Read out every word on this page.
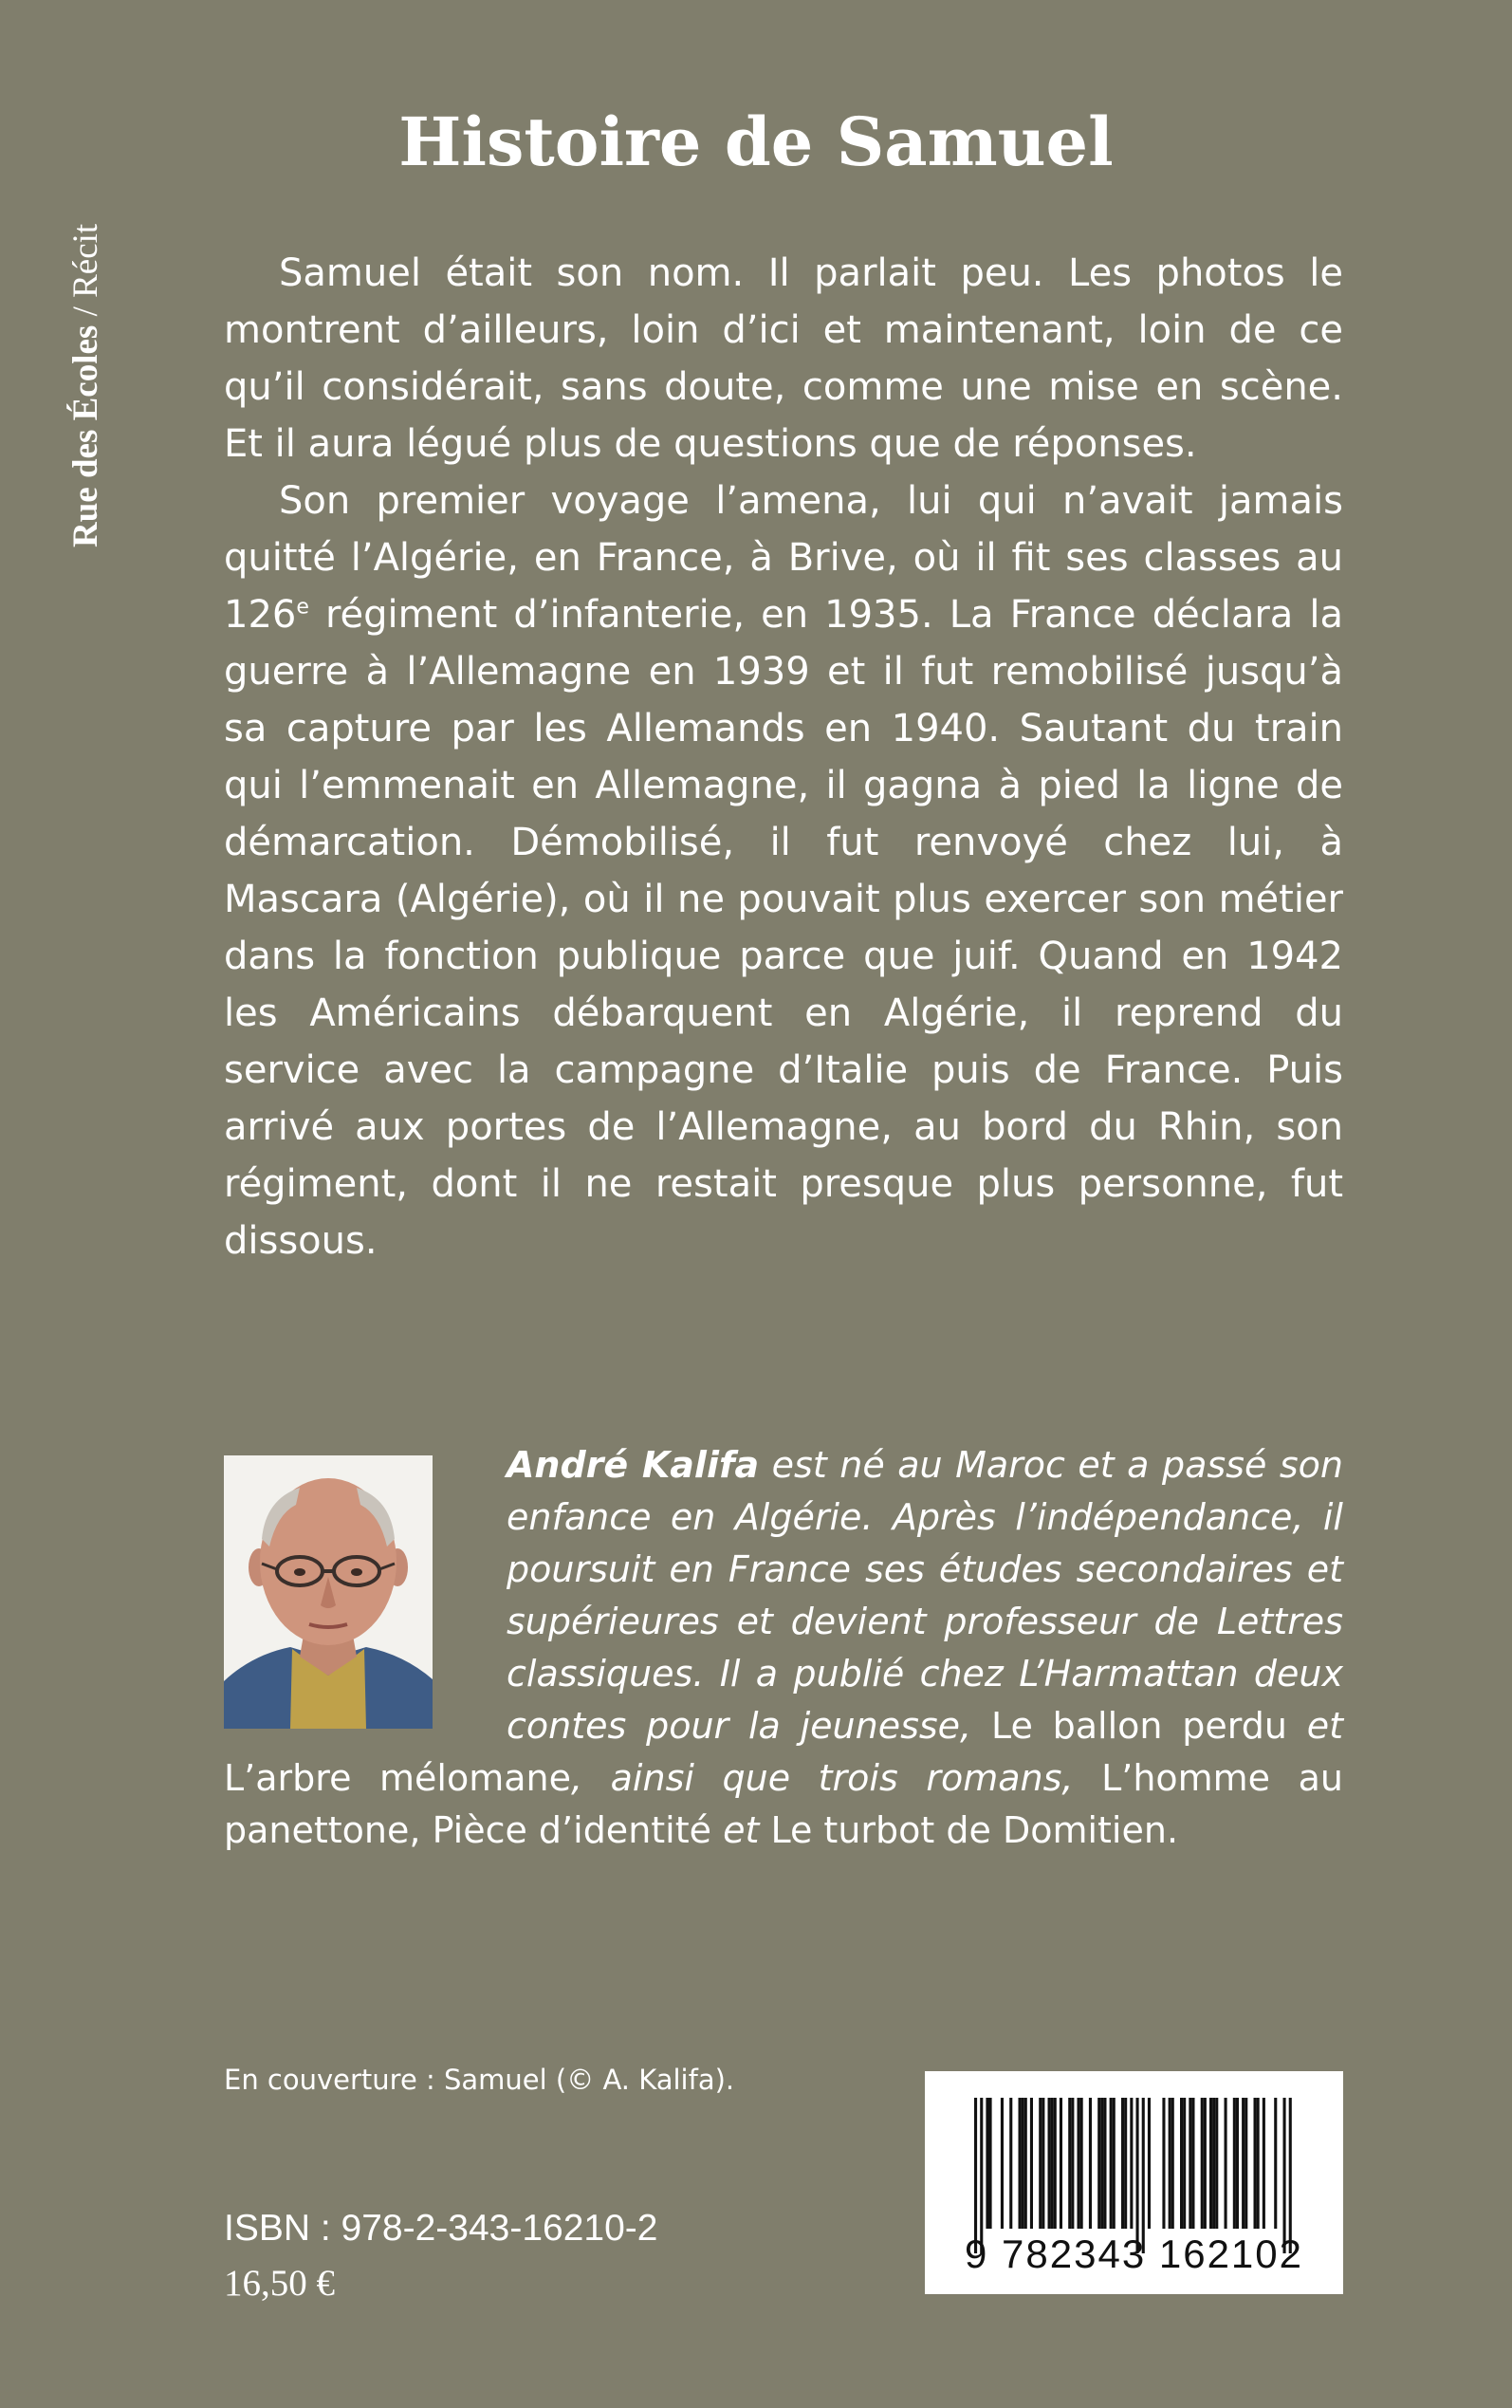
Rue des Écoles / Récit
Histoire de Samuel

Samuel était son nom. Il parlait peu. Les photos le montrent d’ailleurs, loin d’ici et maintenant, loin de ce qu’il considérait, sans doute, comme une mise en scène. Et il aura légué plus de questions que de réponses.

Son premier voyage l’amena, lui qui n’avait jamais quitté l’Algérie, en France, à Brive, où il fit ses classes au 126e régiment d’infanterie, en 1935. La France déclara la guerre à l’Allemagne en 1939 et il fut remobilisé jusqu’à sa capture par les Allemands en 1940. Sautant du train qui l’emmenait en Allemagne, il gagna à pied la ligne de démarcation. Démobilisé, il fut renvoyé chez lui, à Mascara (Algérie), où il ne pouvait plus exercer son métier dans la fonction publique parce que juif. Quand en 1942 les Américains débarquent en Algérie, il reprend du service avec la campagne d’Italie puis de France. Puis arrivé aux portes de l’Allemagne, au bord du Rhin, son régiment, dont il ne restait presque plus personne, fut dissous.

André Kalifa est né au Maroc et a passé son enfance en Algérie. Après l’indépendance, il poursuit en France ses études secondaires et supérieures et devient professeur de Lettres classiques. Il a publié chez L’Harmattan deux contes pour la jeunesse, Le ballon perdu et L’arbre mélomane, ainsi que trois romans, L’homme au panettone, Pièce d’identité et Le turbot de Domitien.
En couverture : Samuel (© A. Kalifa).
ISBN : 978-2-343-16210-2
16,50 €
9 782343 162102
